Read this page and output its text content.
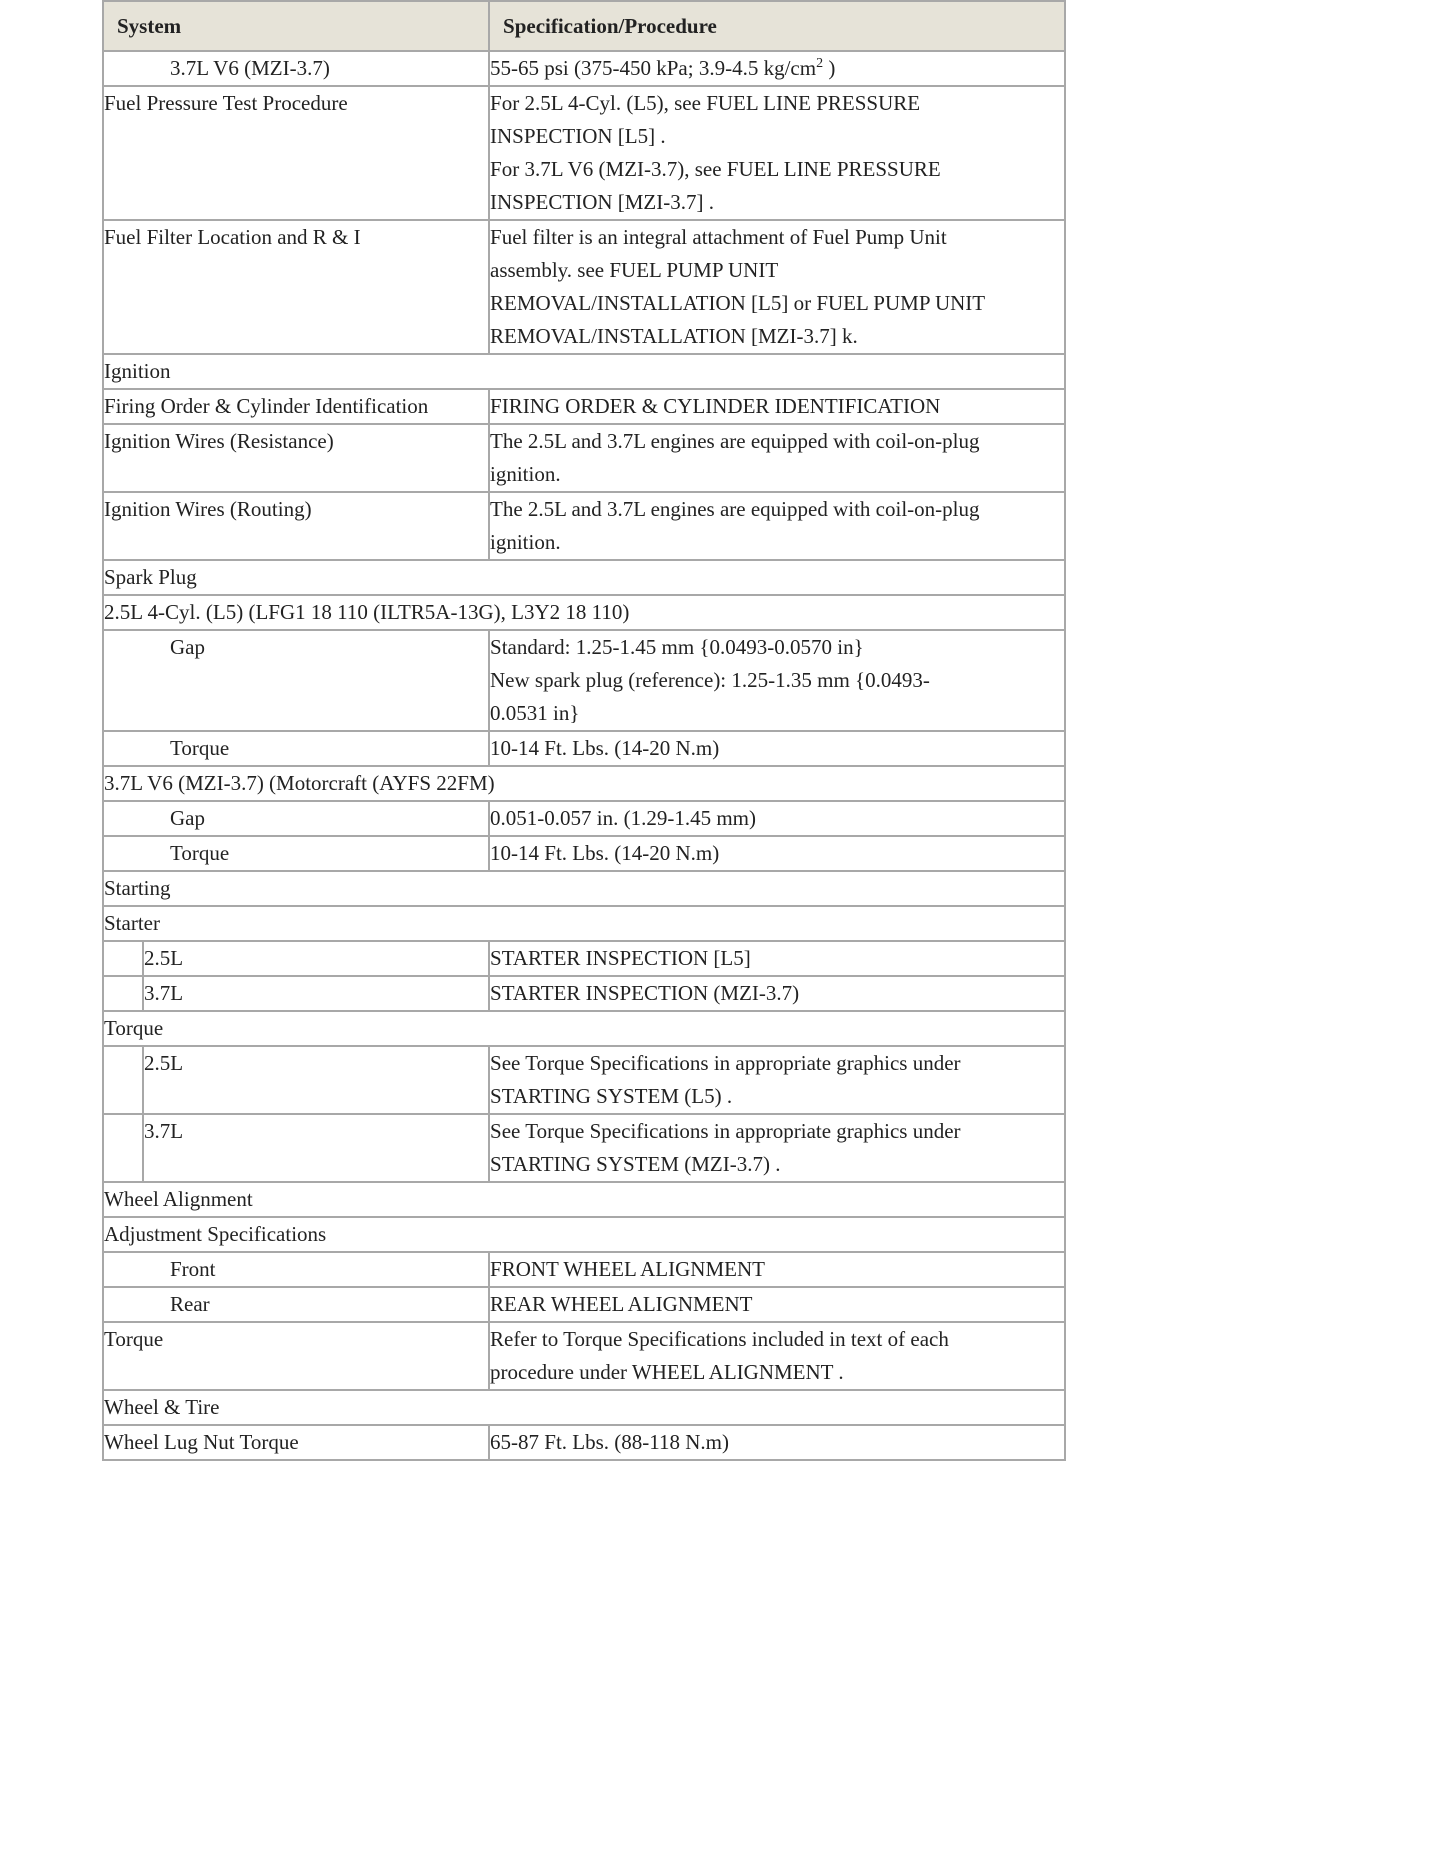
System		Specification/Procedure
3.7L V6 (MZI-3.7)		55-65 psi (375-450 kPa; 3.9-4.5 $kg/cm^2$ )
Fuel Pressure Test Procedure		For 2.5L 4-Cyl. (L5), see FUEL LINE PRESSURE
INSPECTION [L5] .
For 3.7L V6 (MZI-3.7), see FUEL LINE PRESSURE
INSPECTION [MZI-3.7] .

Fuel Filter Location and R & I		Fuel filter is an integral attachment of Fuel Pump Unit
assembly. see FUEL PUMP UNIT
REMOVAL/INSTALLATION [L5] or FUEL PUMP UNIT
REMOVAL/INSTALLATION [MZI-3.7] k.

Ignition		
Firing Order & Cylinder Identification		FIRING ORDER & CYLINDER IDENTIFICATION
Ignition Wires (Resistance)		The 2.5L and 3.7L engines are equipped with coil-on-plug
ignition.

Ignition Wires (Routing)		The 2.5L and 3.7L engines are equipped with coil-on-plug
ignition.

Spark Plug		
2.5L 4-Cyl. (L5) (LFG1 18 110 (ILTR5A-13G), L3Y2 18 110)		
Gap		Standard: 1.25-1.45 mm {0.0493-0.0570 in}
New spark plug (reference): 1.25-1.35 mm {0.0493-
0.0531 in}

Torque		10-14 Ft. Lbs. (14-20 N.m)
3.7L V6 (MZI-3.7) (Motorcraft (AYFS 22FM)		
Gap		0.051-0.057 in. (1.29-1.45 mm)
Torque		10-14 Ft. Lbs. (14-20 N.m)
Starting		
Starter		
	2.5L	STARTER INSPECTION [L5]
	3.7L	STARTER INSPECTION (MZI-3.7)
Torque		
	2.5L	See Torque Specifications in appropriate graphics under
STARTING SYSTEM (L5) .

	3.7L	See Torque Specifications in appropriate graphics under
STARTING SYSTEM (MZI-3.7) .

Wheel Alignment		
Adjustment Specifications		
Front		FRONT WHEEL ALIGNMENT
Rear		REAR WHEEL ALIGNMENT
Torque		Refer to Torque Specifications included in text of each
procedure under WHEEL ALIGNMENT .

Wheel & Tire		
Wheel Lug Nut Torque		65-87 Ft. Lbs. (88-118 N.m)
